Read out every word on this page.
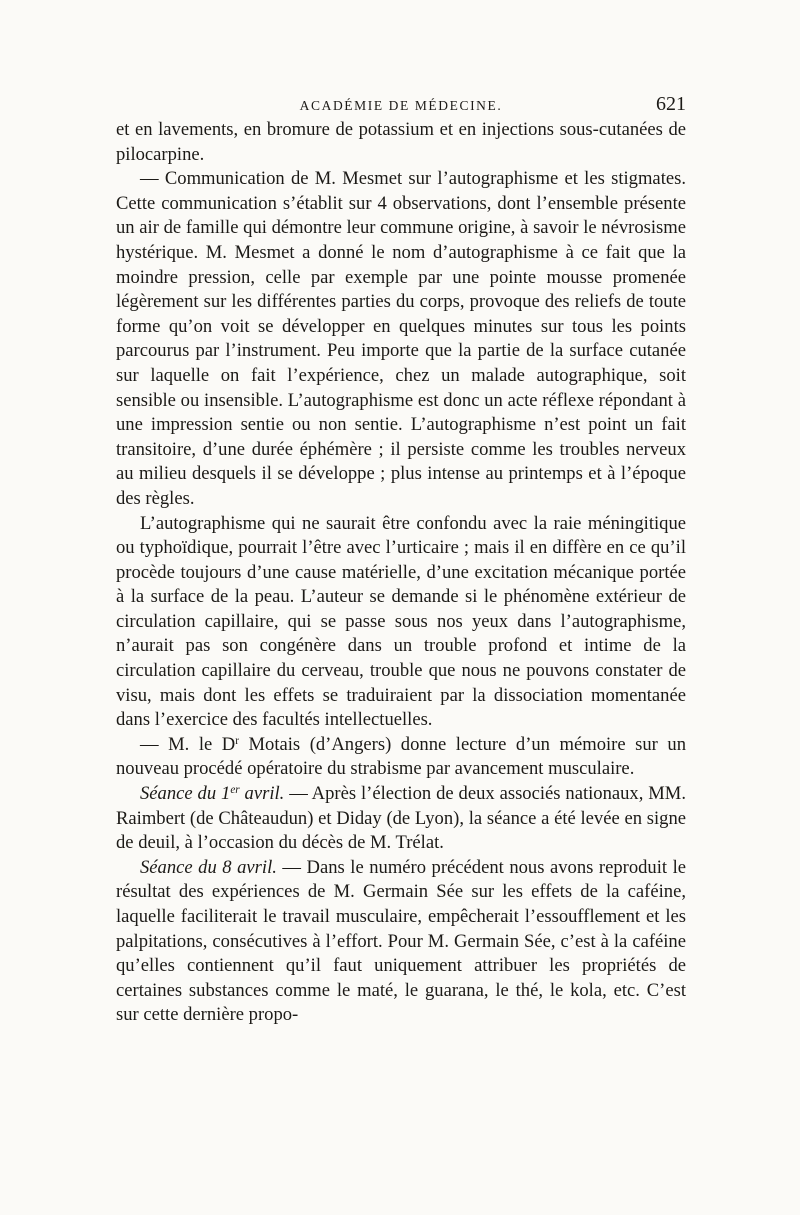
ACADÉMIE DE MÉDECINE.	621

et en lavements, en bromure de potassium et en injections sous-cutanées de pilocarpine.

— Communication de M. Mesmet sur l’autographisme et les stigmates. Cette communication s’établit sur 4 observations, dont l’ensemble présente un air de famille qui démontre leur commune origine, à savoir le névrosisme hystérique. M. Mesmet a donné le nom d’autographisme à ce fait que la moindre pression, celle par exemple par une pointe mousse promenée légèrement sur les différentes parties du corps, provoque des reliefs de toute forme qu’on voit se développer en quelques minutes sur tous les points parcourus par l’instrument. Peu importe que la partie de la surface cutanée sur laquelle on fait l’expérience, chez un malade autographique, soit sensible ou insensible. L’autographisme est donc un acte réflexe répondant à une impression sentie ou non sentie. L’autographisme n’est point un fait transitoire, d’une durée éphémère ; il persiste comme les troubles nerveux au milieu desquels il se développe ; plus intense au printemps et à l’époque des règles.

L’autographisme qui ne saurait être confondu avec la raie méningitique ou typhoïdique, pourrait l’être avec l’urticaire ; mais il en diffère en ce qu’il procède toujours d’une cause matérielle, d’une excitation mécanique portée à la surface de la peau. L’auteur se demande si le phénomène extérieur de circulation capillaire, qui se passe sous nos yeux dans l’autographisme, n’aurait pas son congénère dans un trouble profond et intime de la circulation capillaire du cerveau, trouble que nous ne pouvons constater de visu, mais dont les effets se traduiraient par la dissociation momentanée dans l’exercice des facultés intellectuelles.

— M. le $D^r$ Motais (d’Angers) donne lecture d’un mémoire sur un nouveau procédé opératoire du strabisme par avancement musculaire.

Séance du 1er avril. — Après l’élection de deux associés nationaux, MM. Raimbert (de Châteaudun) et Diday (de Lyon), la séance a été levée en signe de deuil, à l’occasion du décès de M. Trélat.

Séance du 8 avril. — Dans le numéro précédent nous avons reproduit le résultat des expériences de M. Germain Sée sur les effets de la caféine, laquelle faciliterait le travail musculaire, empêcherait l’essoufflement et les palpitations, consécutives à l’effort. Pour M. Germain Sée, c’est à la caféine qu’elles contiennent qu’il faut uniquement attribuer les propriétés de certaines substances comme le maté, le guarana, le thé, le kola, etc. C’est sur cette dernière propo-
